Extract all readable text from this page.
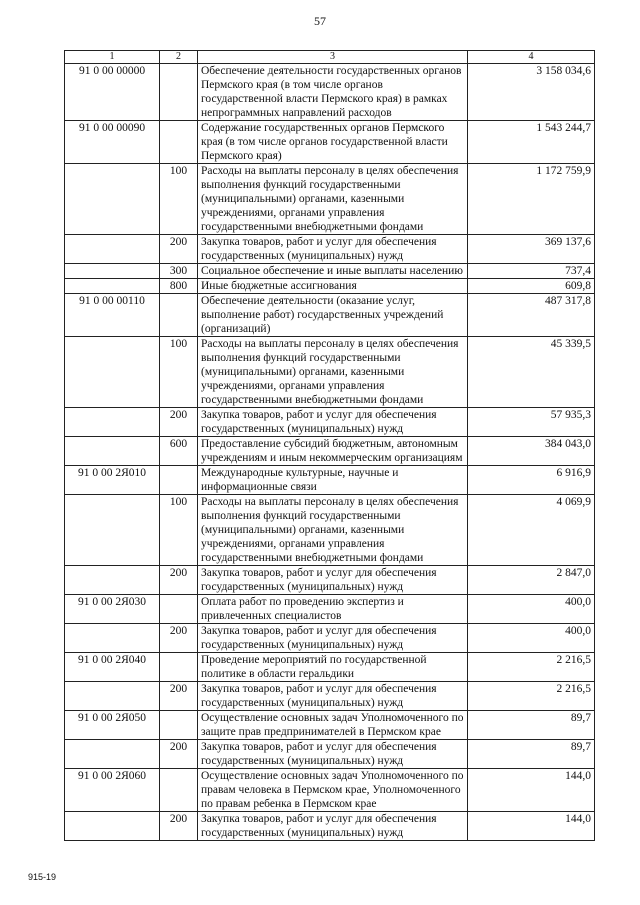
57
1	2	3	4
91 0 00 00000		Обеспечение деятельности государственных органов Пермского края (в том числе органов государственной власти Пермского края) в рамках непрограммных направлений расходов	3 158 034,6
91 0 00 00090		Содержание государственных органов Пермского края (в том числе органов государственной власти Пермского края)	1 543 244,7
	100	Расходы на выплаты персоналу в целях обеспечения выполнения функций государственными (муниципальными) органами, казенными учреждениями, органами управления государственными внебюджетными фондами	1 172 759,9
	200	Закупка товаров, работ и услуг для обеспечения государственных (муниципальных) нужд	369 137,6
	300	Социальное обеспечение и иные выплаты населению	737,4
	800	Иные бюджетные ассигнования	609,8
91 0 00 00110		Обеспечение деятельности (оказание услуг, выполнение работ) государственных учреждений (организаций)	487 317,8
	100	Расходы на выплаты персоналу в целях обеспечения выполнения функций государственными (муниципальными) органами, казенными учреждениями, органами управления государственными внебюджетными фондами	45 339,5
	200	Закупка товаров, работ и услуг для обеспечения государственных (муниципальных) нужд	57 935,3
	600	Предоставление субсидий бюджетным, автономным учреждениям и иным некоммерческим организациям	384 043,0
91 0 00 2Я010		Международные культурные, научные и информационные связи	6 916,9
	100	Расходы на выплаты персоналу в целях обеспечения выполнения функций государственными (муниципальными) органами, казенными учреждениями, органами управления государственными внебюджетными фондами	4 069,9
	200	Закупка товаров, работ и услуг для обеспечения государственных (муниципальных) нужд	2 847,0
91 0 00 2Я030		Оплата работ по проведению экспертиз и привлеченных специалистов	400,0
	200	Закупка товаров, работ и услуг для обеспечения государственных (муниципальных) нужд	400,0
91 0 00 2Я040		Проведение мероприятий по государственной политике в области геральдики	2 216,5
	200	Закупка товаров, работ и услуг для обеспечения государственных (муниципальных) нужд	2 216,5
91 0 00 2Я050		Осуществление основных задач Уполномоченного по защите прав предпринимателей в Пермском крае	89,7
	200	Закупка товаров, работ и услуг для обеспечения государственных (муниципальных) нужд	89,7
91 0 00 2Я060		Осуществление основных задач Уполномоченного по правам человека в Пермском крае, Уполномоченного по правам ребенка в Пермском крае	144,0
	200	Закупка товаров, работ и услуг для обеспечения государственных (муниципальных) нужд	144,0
915-19
